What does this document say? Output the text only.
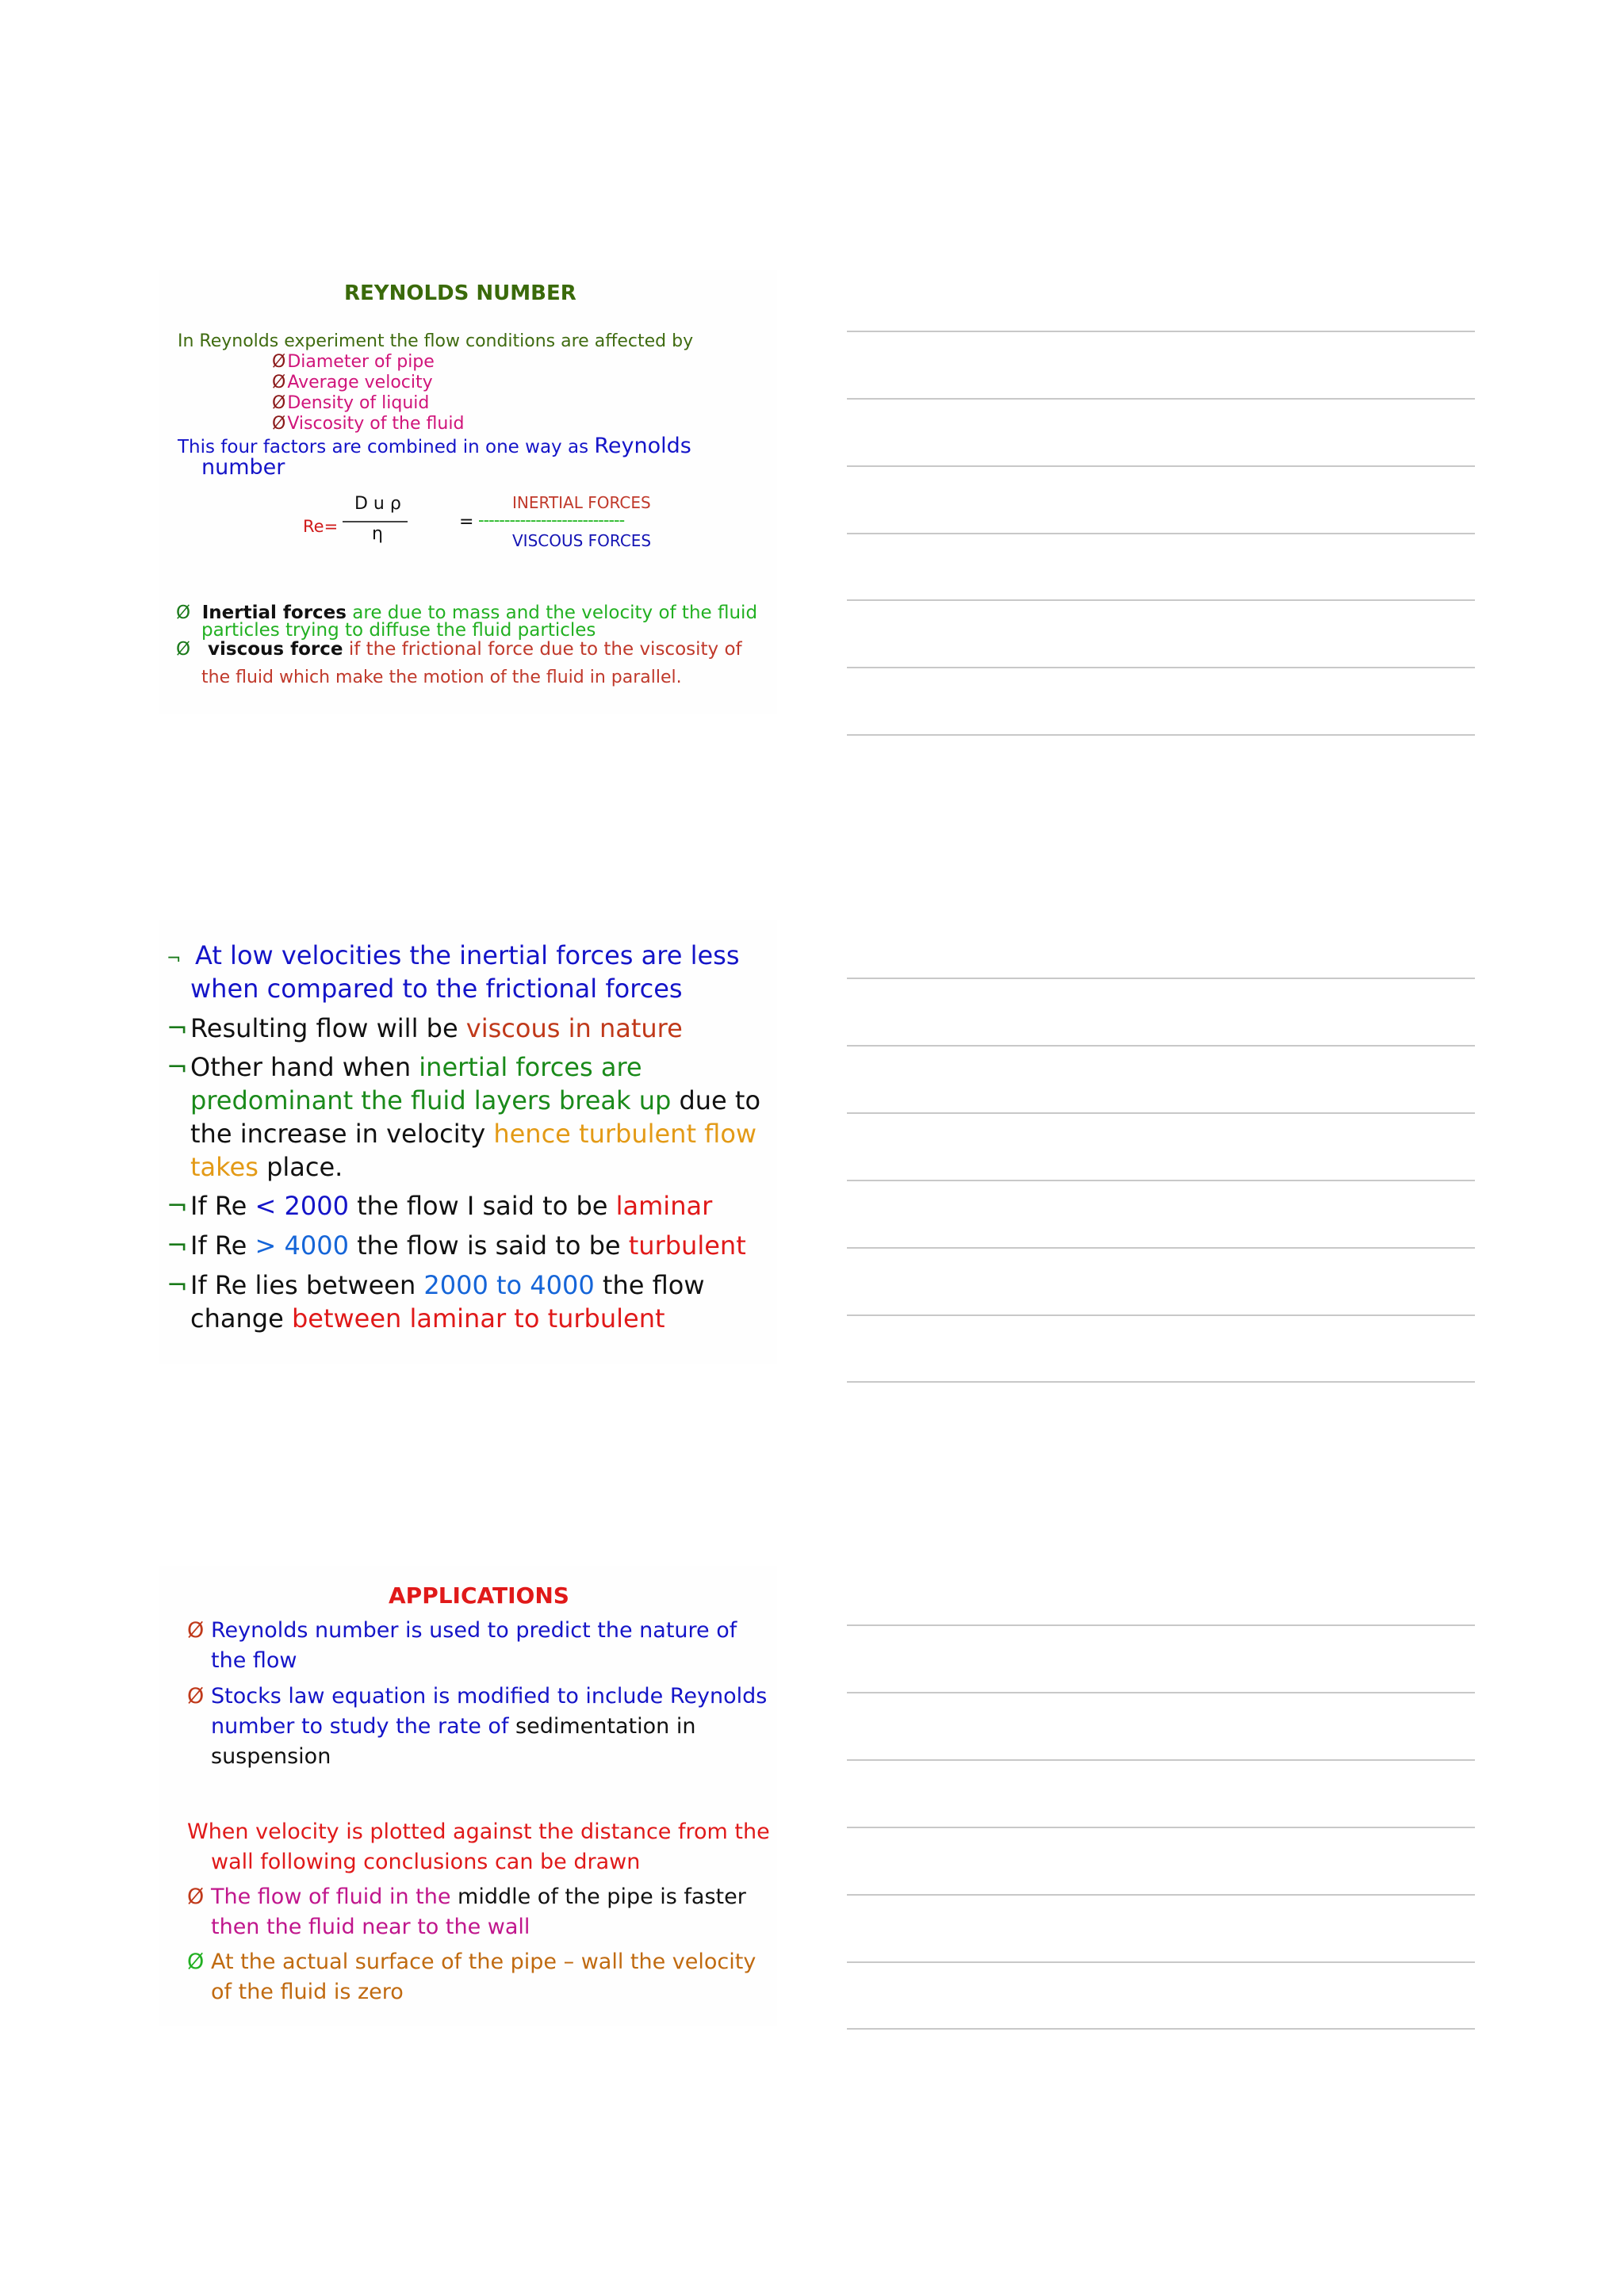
REYNOLDS NUMBER
In Reynolds experiment the flow conditions are affected by
ØDiameter of pipe
ØAverage velocity
ØDensity of liquid
ØViscosity of the fluid
This four factors are combined in one way as Reynolds
number
Re=
D u ρ
η
= ----------------------------
INERTIAL FORCES
VISCOUS FORCES
Ø Inertial forces are due to mass and the velocity of the fluid
particles trying to diffuse the fluid particles
Ø viscous force if the frictional force due to the viscosity of
the fluid which make the motion of the fluid in parallel.
¬ At low velocities the inertial forces are less
when compared to the frictional forces
¬Resulting flow will be viscous in nature
¬Other hand when inertial forces are
predominant the fluid layers break up due to
the increase in velocity hence turbulent flow
takes place.
¬If Re < 2000 the flow I said to be laminar
¬If Re > 4000 the flow is said to be turbulent
¬If Re lies between 2000 to 4000 the flow
change between laminar to turbulent
APPLICATIONS
Ø Reynolds number is used to predict the nature of
the flow
Ø Stocks law equation is modified to include Reynolds
number to study the rate of sedimentation in
suspension
When velocity is plotted against the distance from the
wall following conclusions can be drawn
Ø The flow of fluid in the middle of the pipe is faster
then the fluid near to the wall
Ø At the actual surface of the pipe – wall the velocity
of the fluid is zero
